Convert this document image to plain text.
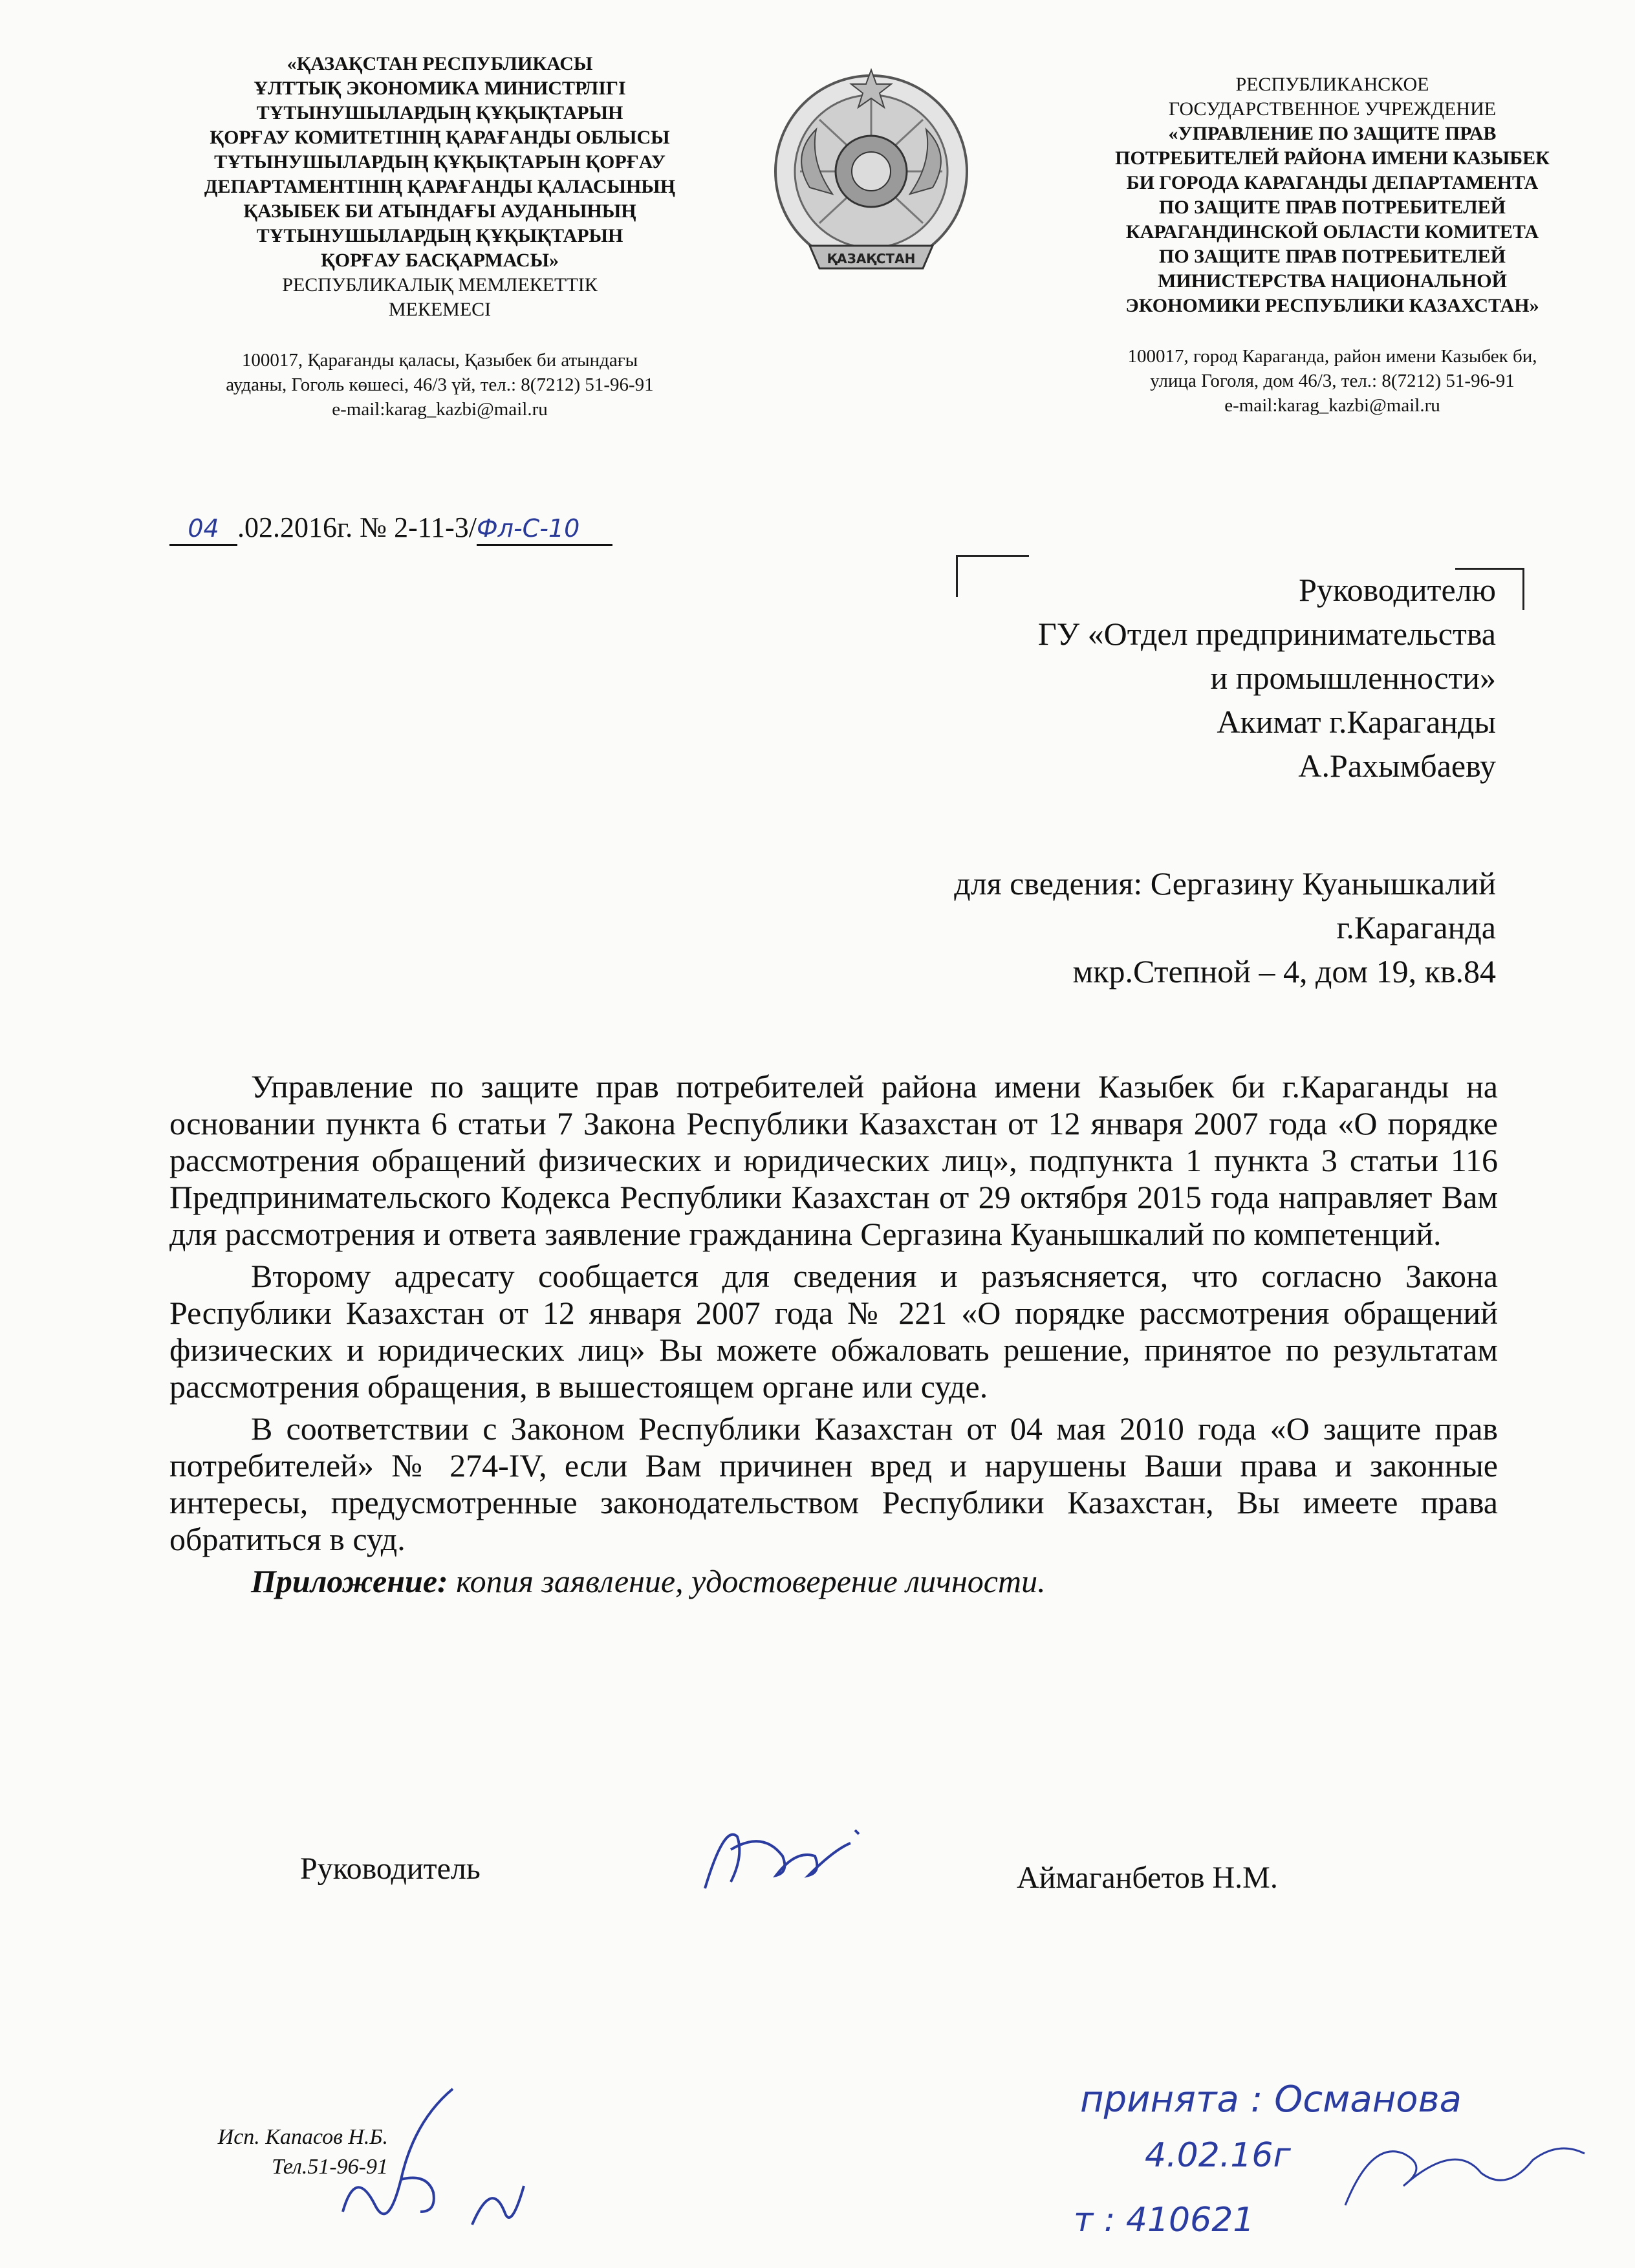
«ҚАЗАҚСТАН РЕСПУБЛИКАСЫ
ҰЛТТЫҚ ЭКОНОМИКА МИНИСТРЛІГІ
ТҰТЫНУШЫЛАРДЫҢ ҚҰҚЫҚТАРЫН
ҚОРҒАУ КОМИТЕТІНІҢ ҚАРАҒАНДЫ ОБЛЫСЫ
ТҰТЫНУШЫЛАРДЫҢ ҚҰҚЫҚТАРЫН ҚОРҒАУ
ДЕПАРТАМЕНТІНІҢ ҚАРАҒАНДЫ ҚАЛАСЫНЫҢ
ҚАЗЫБЕК БИ АТЫНДАҒЫ АУДАНЫНЫҢ
ТҰТЫНУШЫЛАРДЫҢ ҚҰҚЫҚТАРЫН
ҚОРҒАУ БАСҚАРМАСЫ»
РЕСПУБЛИКАЛЫҚ МЕМЛЕКЕТТІК
МЕКЕМЕСІ
100017, Қарағанды қаласы, Қазыбек би атындағы
ауданы, Гоголь көшесі, 46/3 үй, тел.: 8(7212) 51-96-91
e-mail:karag_kazbi@mail.ru
ҚАЗАҚСТАН
РЕСПУБЛИКАНСКОЕ
ГОСУДАРСТВЕННОЕ УЧРЕЖДЕНИЕ
«УПРАВЛЕНИЕ ПО ЗАЩИТЕ ПРАВ
ПОТРЕБИТЕЛЕЙ РАЙОНА ИМЕНИ КАЗЫБЕК
БИ ГОРОДА КАРАГАНДЫ ДЕПАРТАМЕНТА
ПО ЗАЩИТЕ ПРАВ ПОТРЕБИТЕЛЕЙ
КАРАГАНДИНСКОЙ ОБЛАСТИ КОМИТЕТА
ПО ЗАЩИТЕ ПРАВ ПОТРЕБИТЕЛЕЙ
МИНИСТЕРСТВА НАЦИОНАЛЬНОЙ
ЭКОНОМИКИ РЕСПУБЛИКИ КАЗАХСТАН»
100017, город Караганда, район имени Казыбек би,
улица Гоголя, дом 46/3, тел.: 8(7212) 51-96-91
e-mail:karag_kazbi@mail.ru
04 .02.2016г. № 2-11-3/Фл-С-10
Руководителю
ГУ «Отдел предпринимательства
и промышленности»
Акимат г.Караганды
А.Рахымбаеву
для сведения: Сергазину Куанышкалий
г.Караганда
мкр.Степной – 4, дом 19, кв.84

Управление по защите прав потребителей района имени Казыбек би г.Караганды на основании пункта 6 статьи 7 Закона Республики Казахстан от 12 января 2007 года «О порядке рассмотрения обращений физических и юридических лиц», подпункта 1 пункта 3 статьи 116 Предпринимательского Кодекса Республики Казахстан от 29 октября 2015 года направляет Вам для рассмотрения и ответа заявление гражданина Сергазина Куанышкалий по компетенций.

Второму адресату сообщается для сведения и разъясняется, что согласно Закона Республики Казахстан от 12 января 2007 года № 221 «О порядке рассмотрения обращений физических и юридических лиц» Вы можете обжаловать решение, принятое по результатам рассмотрения обращения, в вышестоящем органе или суде.

В соответствии с Законом Республики Казахстан от 04 мая 2010 года «О защите прав потребителей» № 274-IV, если Вам причинен вред и нарушены Ваши права и законные интересы, предусмотренные законодательством Республики Казахстан, Вы имеете права обратиться в суд.

Приложение: копия заявление, удостоверение личности.

Руководитель	Аймаганбетов Н.М.
Исп. Капасов Н.Б.
Тел.51-96-91
принята : Османова
4.02.16г
т : 410621
